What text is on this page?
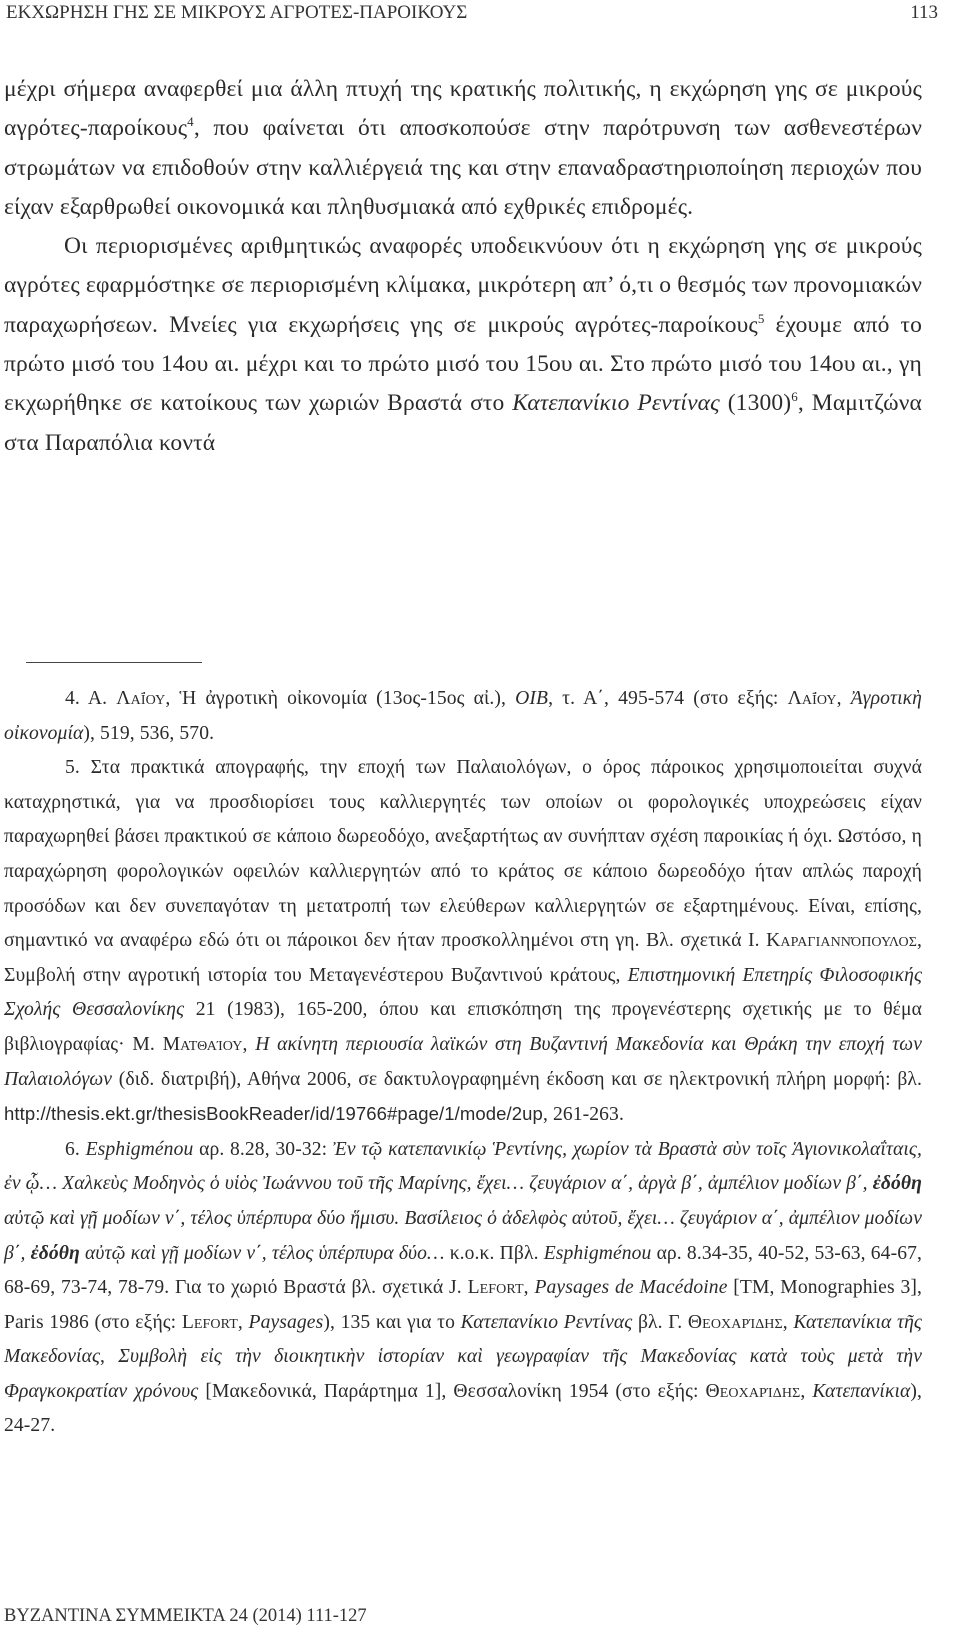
ΕΚΧΩΡΗΣΗ ΓΗΣ ΣΕ ΜΙΚΡΟΥΣ ΑΓΡΟΤΕΣ-ΠΑΡΟΙΚΟΥΣ	113

μέχρι σήμερα αναφερθεί μια άλλη πτυχή της κρατικής πολιτικής, η εκχώρηση γης σε μικρούς αγρότες-παροίκους$^4$, που φαίνεται ότι αποσκοπούσε στην παρότρυνση των ασθενεστέρων στρωμάτων να επιδοθούν στην καλλιέργειά της και στην επαναδραστηριοποίηση περιοχών που είχαν εξαρθρωθεί οικονομικά και πληθυσμιακά από εχθρικές επιδρομές.

Οι περιορισμένες αριθμητικώς αναφορές υποδεικνύουν ότι η εκχώρηση γης σε μικρούς αγρότες εφαρμόστηκε σε περιορισμένη κλίμακα, μικρότερη απ’ ό,τι ο θεσμός των προνομιακών παραχωρήσεων. Μνείες για εκχωρήσεις γης σε μικρούς αγρότες-παροίκους$^5$ έχουμε από το πρώτο μισό του 14ου αι. μέχρι και το πρώτο μισό του 15ου αι. Στο πρώτο μισό του 14ου αι., γη εκχωρήθηκε σε κατοίκους των χωριών Βραστά στο Κατεπανίκιο Ρεντίνας $(1300)^6$, Μαμιτζώνα στα Παραπόλια κοντά

4. Α. Λαΐου, Ἡ ἀγροτικὴ οἰκονομία (13ος-15ος αἰ.), OIB, τ. Α΄, 495-574 (στο εξής: Λαΐου, Ἀγροτικὴ οἰκονομία), 519, 536, 570.

5. Στα πρακτικά απογραφής, την εποχή των Παλαιολόγων, ο όρος πάροικος χρησιμοποιείται συχνά καταχρηστικά, για να προσδιορίσει τους καλλιεργητές των οποίων οι φορολογικές υποχρεώσεις είχαν παραχωρηθεί βάσει πρακτικού σε κάποιο δωρεοδόχο, ανεξαρτήτως αν συνήπταν σχέση παροικίας ή όχι. Ωστόσο, η παραχώρηση φορολογικών οφειλών καλλιεργητών από το κράτος σε κάποιο δωρεοδόχο ήταν απλώς παροχή προσόδων και δεν συνεπαγόταν τη μετατροπή των ελεύθερων καλλιεργητών σε εξαρτημένους. Είναι, επίσης, σημαντικό να αναφέρω εδώ ότι οι πάροικοι δεν ήταν προσκολλημένοι στη γη. Βλ. σχετικά Ι. Καραγιαννόπουλος, Συμβολή στην αγροτική ιστορία του Μεταγενέστερου Βυζαντινού κράτους, Επιστημονική Επετηρίς Φιλοσοφικής Σχολής Θεσσαλονίκης 21 (1983), 165-200, όπου και επισκόπηση της προγενέστερης σχετικής με το θέμα βιβλιογραφίας· Μ. Ματθαίου, Η ακίνητη περιουσία λαϊκών στη Βυζαντινή Μακεδονία και Θράκη την εποχή των Παλαιολόγων (διδ. διατριβή), Αθήνα 2006, σε δακτυλογραφημένη έκδοση και σε ηλεκτρονική πλήρη μορφή: βλ. http://thesis.ekt.gr/thesisBookReader/id/19766#page/1/mode/2up, 261-263.

6. Esphigménou αρ. 8.28, 30-32: Ἐν τῷ κατεπανικίῳ Ῥεντίνης, χωρίον τὰ Βραστὰ σὺν τοῖς Ἁγιονικολαΐταις, ἐν ᾧ… Χαλκεὺς Μοδηνὸς ὁ υἱὸς Ἰωάννου τοῦ τῆς Μαρίνης, ἔχει… ζευγάριον α΄, ἀργὰ β΄, ἀμπέλιον μοδίων β΄, ἐδόθη αὐτῷ καὶ γῇ μοδίων ν΄, τέλος ὑπέρπυρα δύο ἥμισυ. Βασίλειος ὁ ἀδελφὸς αὐτοῦ, ἔχει… ζευγάριον α΄, ἀμπέλιον μοδίων β΄, ἐδόθη αὐτῷ καὶ γῇ μοδίων ν΄, τέλος ὑπέρπυρα δύο… κ.ο.κ. Πβλ. Esphigménou αρ. 8.34-35, 40-52, 53-63, 64-67, 68-69, 73-74, 78-79. Για το χωριό Βραστά βλ. σχετικά J. Lefort, Paysages de Macédoine [TM, Monographies 3], Paris 1986 (στο εξής: Lefort, Paysages), 135 και για το Κατεπανίκιο Ρεντίνας βλ. Γ. Θεοχαρίδης, Κατεπανίκια τῆς Μακεδονίας, Συμβολὴ εἰς τὴν διοικητικὴν ἱστορίαν καὶ γεωγραφίαν τῆς Μακεδονίας κατὰ τοὺς μετὰ τὴν Φραγκοκρατίαν χρόνους [Μακεδονικά, Παράρτημα 1], Θεσσαλονίκη 1954 (στο εξής: Θεοχαρίδης, Κατεπανίκια), 24-27.

ΒΥΖΑΝΤΙΝΑ ΣΥΜΜΕΙΚΤΑ 24 (2014) 111-127
